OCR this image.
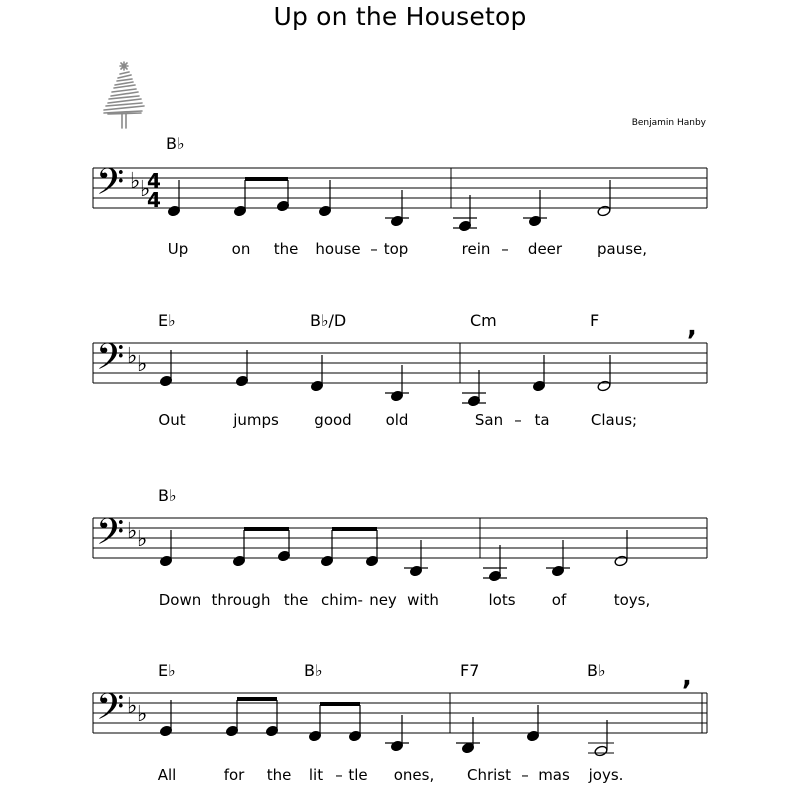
Up on the Housetop
Benjamin Hanby
B♭
𝄢 ♭ ♭
4
4
Up	on the house – top	rein – deer pause,
E♭	B♭/D	Cm	F
𝄢 ♭ ♭
,
Out	jumps good old	San – ta	Claus;
B♭
𝄢 ♭ ♭
Down through the chim- ney with	lots of	toys,
E♭	B♭	F7	B♭
𝄢 ♭ ♭
,
All	for the lit – tle ones, Christ – mas joys.
